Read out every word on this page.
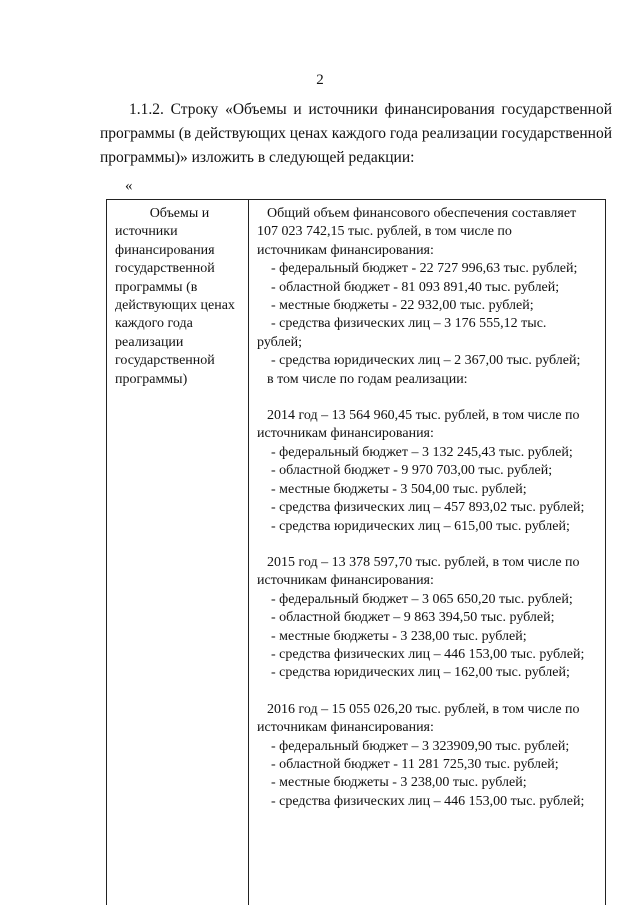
2
1.1.2. Строку «Объемы и источники финансирования государственной
программы (в действующих ценах каждого года реализации государственной
программы)» изложить в следующей редакции:
«
Объемы и
источники
финансирования
государственной
программы (в
действующих ценах
каждого года
реализации
государственной
программы)
Общий объем финансового обеспечения составляет
107 023 742,15 тыс. рублей, в том числе по
источникам финансирования:
- федеральный бюджет - 22 727 996,63 тыс. рублей;
- областной бюджет - 81 093 891,40 тыс. рублей;
- местные бюджеты - 22 932,00 тыс. рублей;
- средства физических лиц – 3 176 555,12 тыс.
рублей;
- средства юридических лиц – 2 367,00 тыс. рублей;
в том числе по годам реализации:
2014 год – 13 564 960,45 тыс. рублей, в том числе по
источникам финансирования:
- федеральный бюджет – 3 132 245,43 тыс. рублей;
- областной бюджет - 9 970 703,00 тыс. рублей;
- местные бюджеты - 3 504,00 тыс. рублей;
- средства физических лиц – 457 893,02 тыс. рублей;
- средства юридических лиц – 615,00 тыс. рублей;
2015 год – 13 378 597,70 тыс. рублей, в том числе по
источникам финансирования:
- федеральный бюджет – 3 065 650,20 тыс. рублей;
- областной бюджет – 9 863 394,50 тыс. рублей;
- местные бюджеты - 3 238,00 тыс. рублей;
- средства физических лиц – 446 153,00 тыс. рублей;
- средства юридических лиц – 162,00 тыс. рублей;
2016 год – 15 055 026,20 тыс. рублей, в том числе по
источникам финансирования:
- федеральный бюджет – 3 323909,90 тыс. рублей;
- областной бюджет - 11 281 725,30 тыс. рублей;
- местные бюджеты - 3 238,00 тыс. рублей;
- средства физических лиц – 446 153,00 тыс. рублей;
